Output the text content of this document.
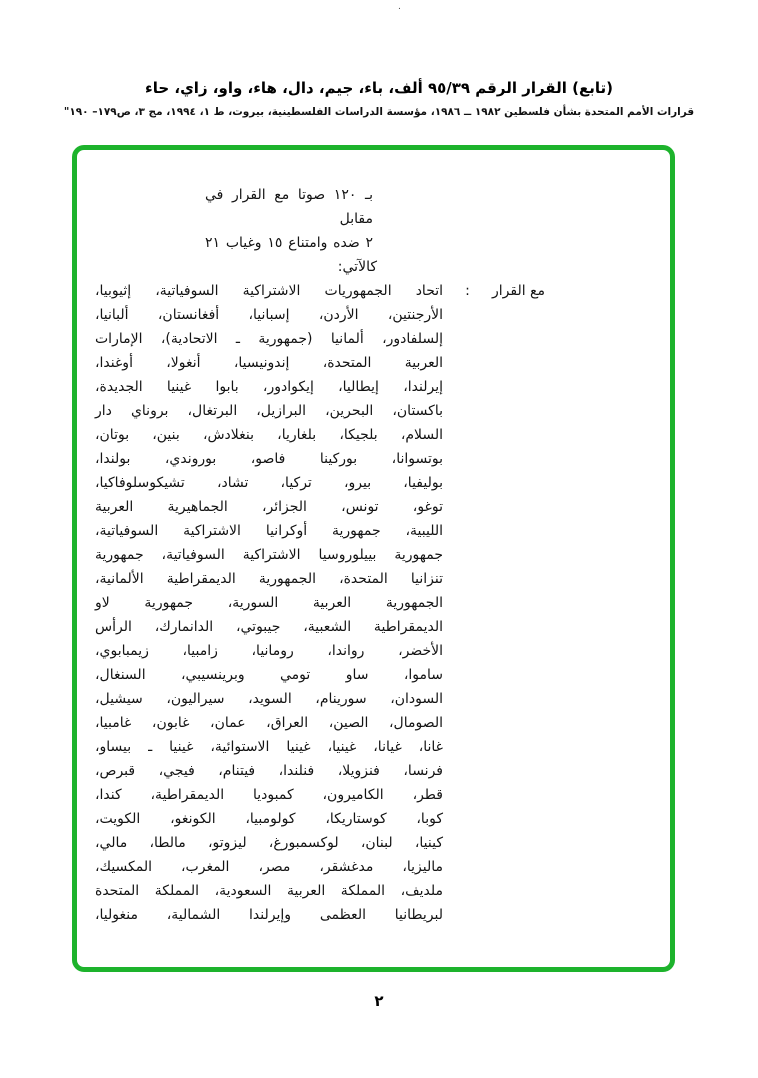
.
(تابع) القرار الرقم ٩٥/٣٩ ألف، باء، جيم، دال، هاء، واو، زاي، حاء
قرارات الأمم المتحدة بشأن فلسطين ١٩٨٢ ــ ١٩٨٦، مؤسسة الدراسات الفلسطينية، بيروت، ط ١، ١٩٩٤، مج ٣، ص١٧٩– ١٩٠"
بـ ١٢٠ صوتا مع القرار في مقابل
٢ ضده وامتناع ١٥ وغياب ٢١
كالآتي:
مع القرار
:
اتحاد الجمهوريات الاشتراكية السوفياتية، إثيوبيا،
الأرجنتين، الأردن، إسبانيا، أفغانستان، ألبانيا،
إلسلفادور، ألمانيا (جمهورية ـ الاتحادية)، الإمارات
العربية المتحدة، إندونيسيا، أنغولا، أوغندا،
إيرلندا، إيطاليا، إيكوادور، بابوا غينيا الجديدة،
باكستان، البحرين، البرازيل، البرتغال، بروناي دار
السلام، بلجيكا، بلغاريا، بنغلادش، بنين، بوتان،
بوتسوانا، بوركينا فاصو، بوروندي، بولندا،
بوليفيا، بيرو، تركيا، تشاد، تشيكوسلوفاكيا،
توغو، تونس، الجزائر، الجماهيرية العربية
الليبية، جمهورية أوكرانيا الاشتراكية السوفياتية،
جمهورية بييلوروسيا الاشتراكية السوفياتية، جمهورية
تنزانيا المتحدة، الجمهورية الديمقراطية الألمانية،
الجمهورية العربية السورية، جمهورية لاو
الديمقراطية الشعبية، جيبوتي، الدانمارك، الرأس
الأخضر، رواندا، رومانيا، زامبيا، زيمبابوي،
ساموا، ساو تومي وبرينسيبي، السنغال،
السودان، سورينام، السويد، سيراليون، سيشيل،
الصومال، الصين، العراق، عمان، غابون، غامبيا،
غانا، غيانا، غينيا، غينيا الاستوائية، غينيا ـ بيساو،
فرنسا، فنزويلا، فنلندا، فيتنام، فيجي، قبرص،
قطر، الكاميرون، كمبوديا الديمقراطية، كندا،
كوبا، كوستاريكا، كولومبيا، الكونغو، الكويت،
كينيا، لبنان، لوكسمبورغ، ليزوتو، مالطا، مالي،
ماليزيا، مدغشقر، مصر، المغرب، المكسيك،
ملديف، المملكة العربية السعودية، المملكة المتحدة
لبريطانيا العظمى وإيرلندا الشمالية، منغوليا،
٢
